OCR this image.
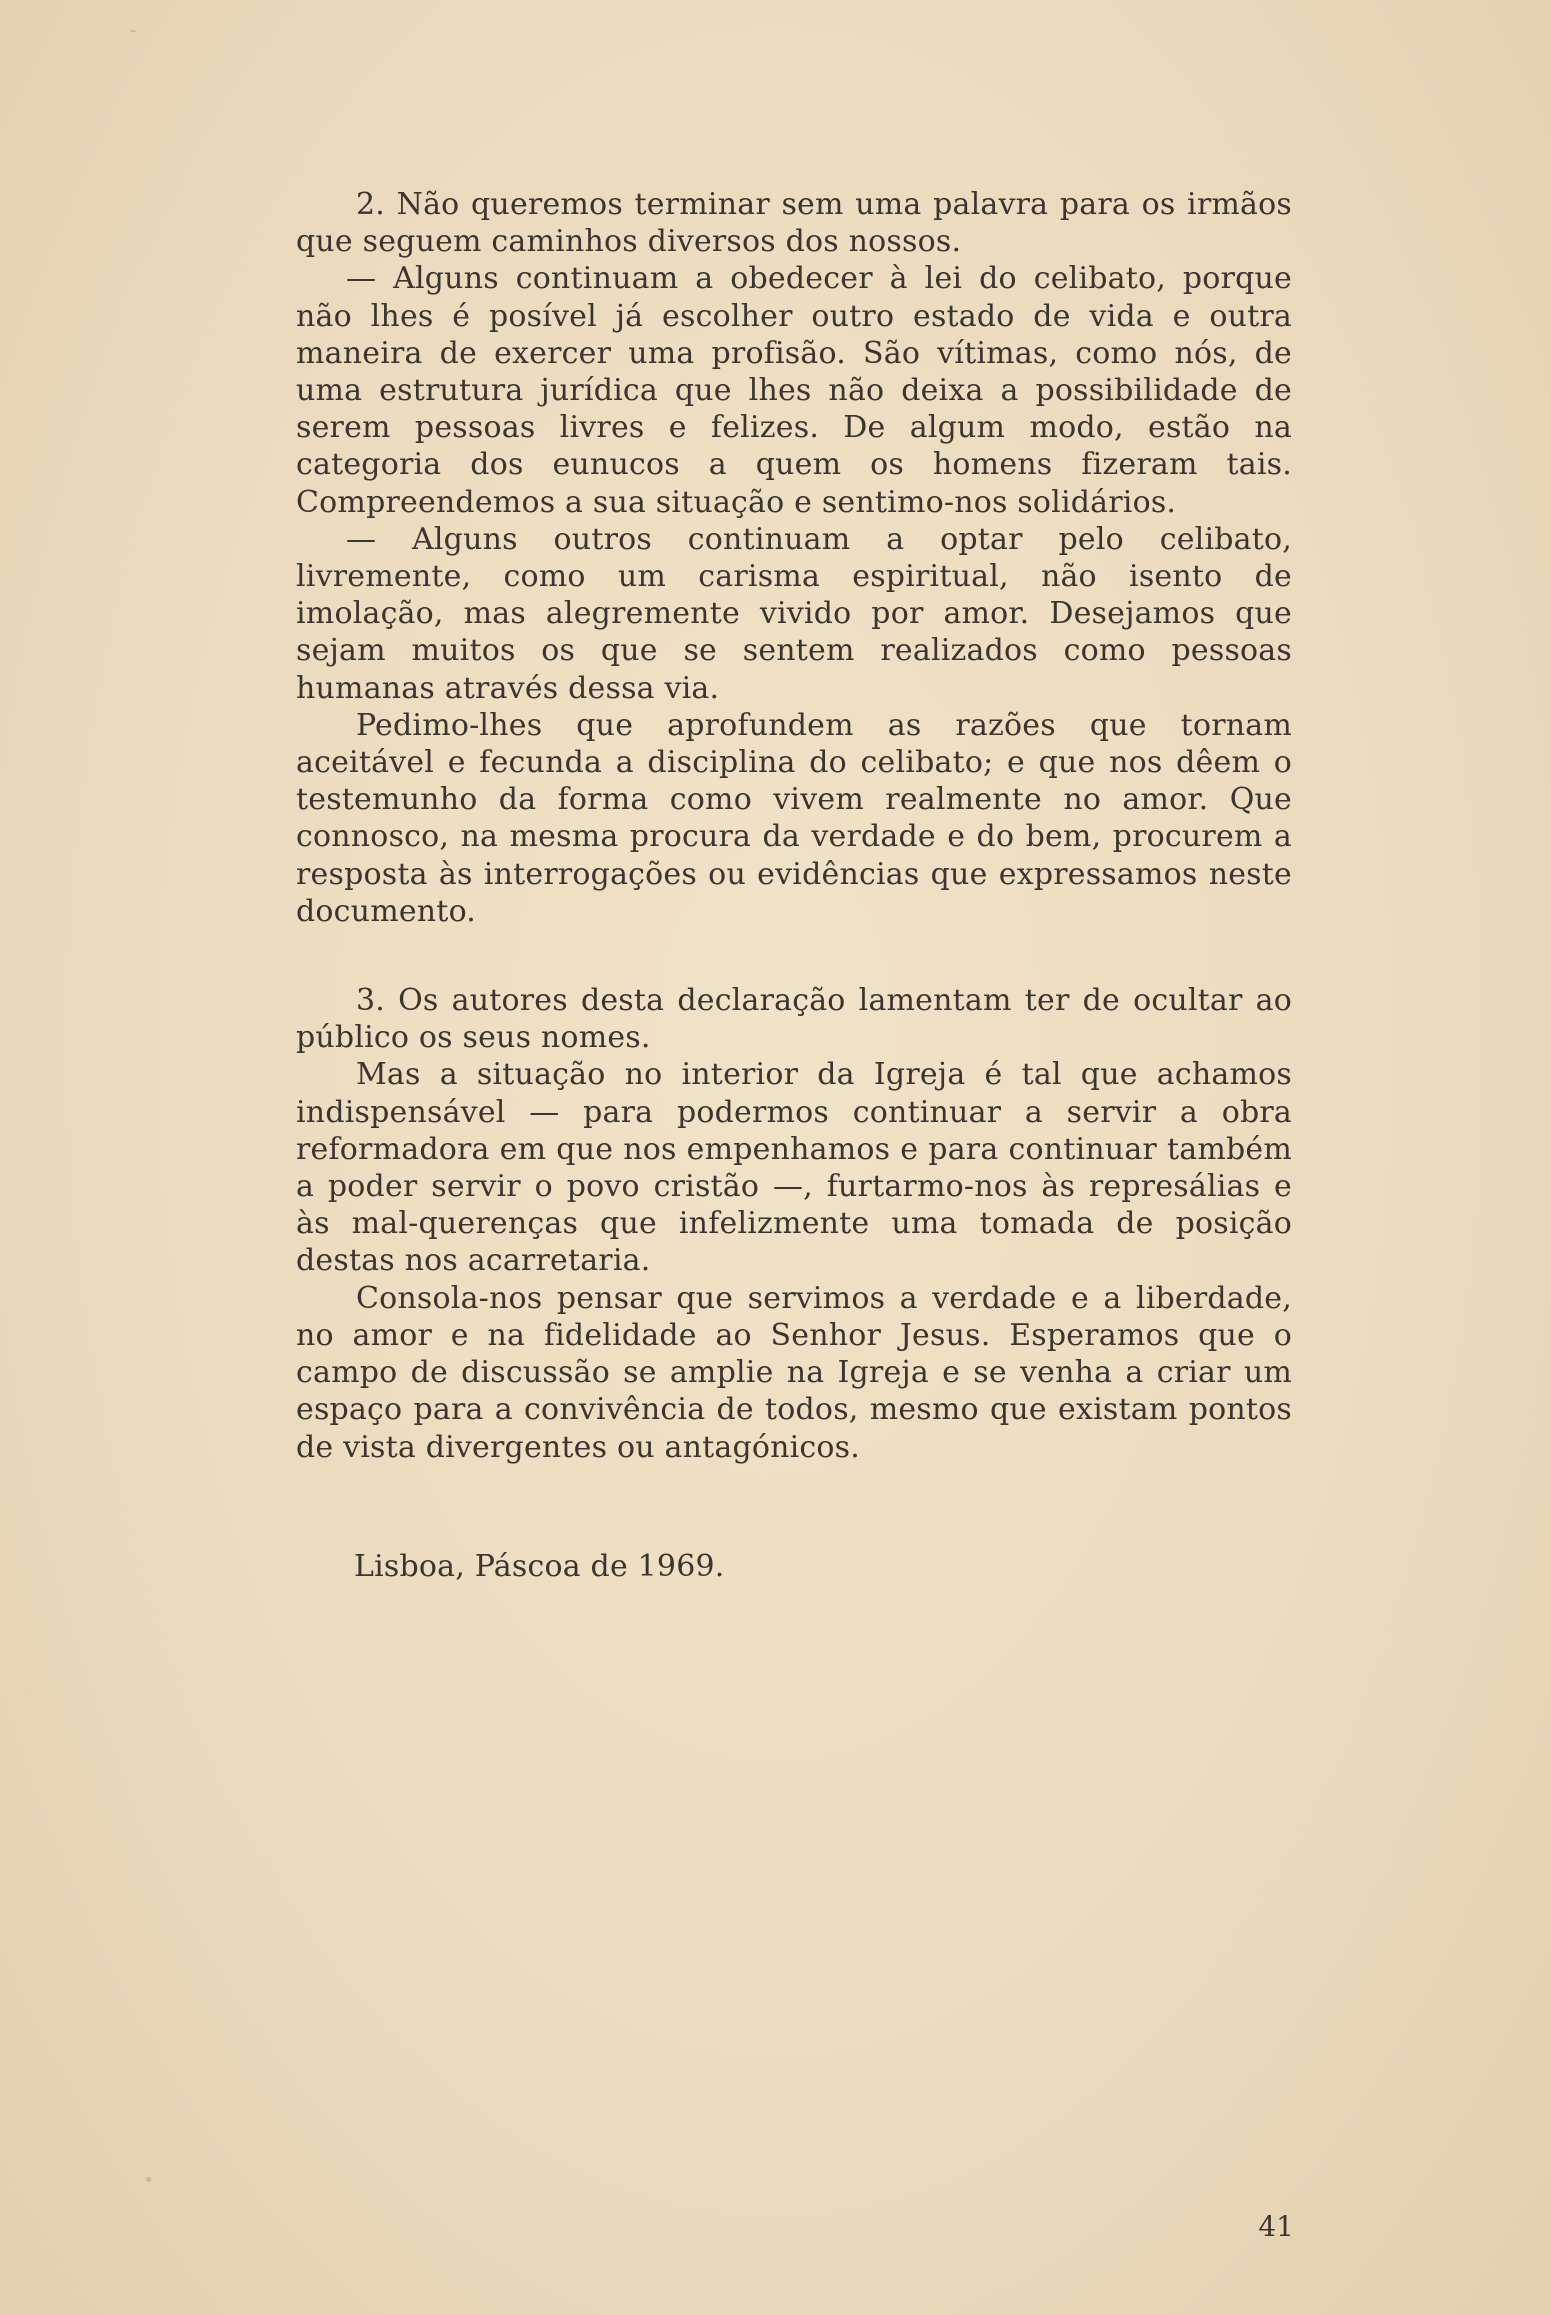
2. Não queremos terminar sem uma palavra para os irmãos que seguem caminhos diversos dos nossos.

— Alguns continuam a obedecer à lei do celibato, porque não lhes é posível já escolher outro estado de vida e outra maneira de exercer uma profisão. São vítimas, como nós, de uma estrutura jurídica que lhes não deixa a possibilidade de serem pessoas livres e felizes. De algum modo, estão na categoria dos eunucos a quem os homens fizeram tais. Compreendemos a sua situação e sentimo-nos solidários.

— Alguns outros continuam a optar pelo celibato, livremente, como um carisma espiritual, não isento de imolação, mas alegremente vivido por amor. Desejamos que sejam muitos os que se sentem realizados como pessoas humanas através dessa via.

Pedimo-lhes que aprofundem as razões que tornam aceitável e fecunda a disciplina do celibato; e que nos dêem o testemunho da forma como vivem realmente no amor. Que connosco, na mesma procura da verdade e do bem, procurem a resposta às interrogações ou evidências que expressamos neste documento.

3. Os autores desta declaração lamentam ter de ocultar ao público os seus nomes.

Mas a situação no interior da Igreja é tal que achamos indispensável — para podermos continuar a servir a obra reformadora em que nos empenhamos e para continuar também a poder servir o povo cristão —, furtarmo-nos às represálias e às mal-querenças que infelizmente uma tomada de posição destas nos acarretaria.

Consola-nos pensar que servimos a verdade e a liberdade, no amor e na fidelidade ao Senhor Jesus. Esperamos que o campo de discussão se amplie na Igreja e se venha a criar um espaço para a convivência de todos, mesmo que existam pontos de vista divergentes ou antagónicos.

Lisboa, Páscoa de 1969.

41
